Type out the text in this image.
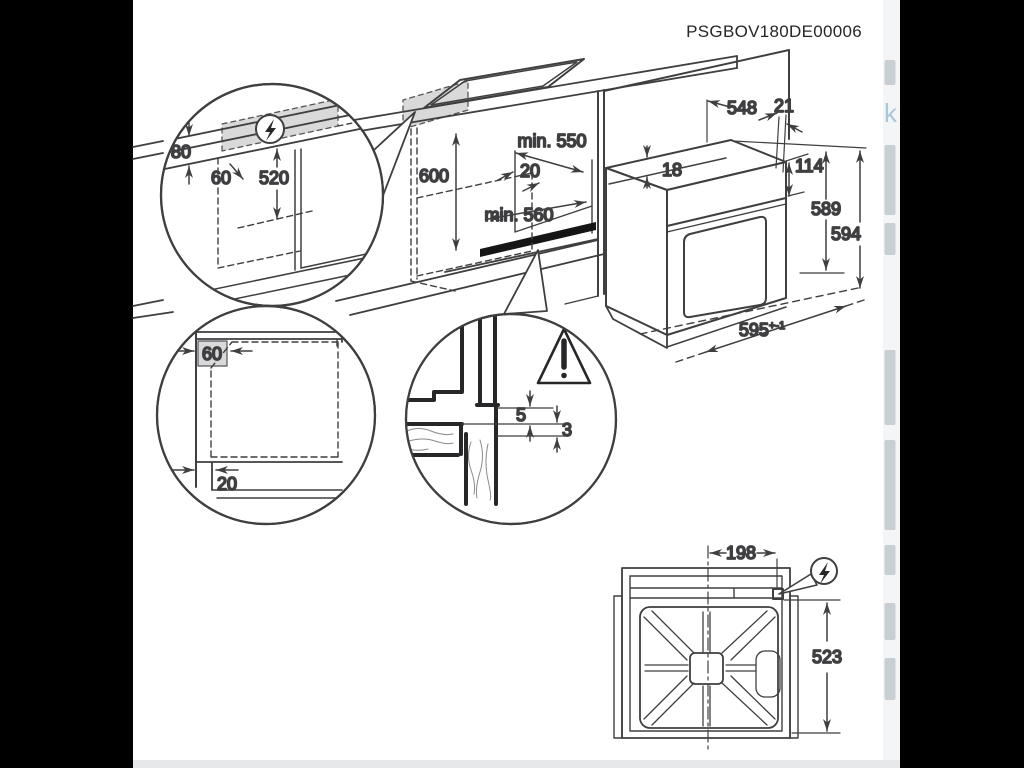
k
PSGBOV180DE00006
600
min. 550
20
min. 560
18
548 21
114
589
594
$595^{+-1}$
198
523
80
60 520
60
20
5
3
